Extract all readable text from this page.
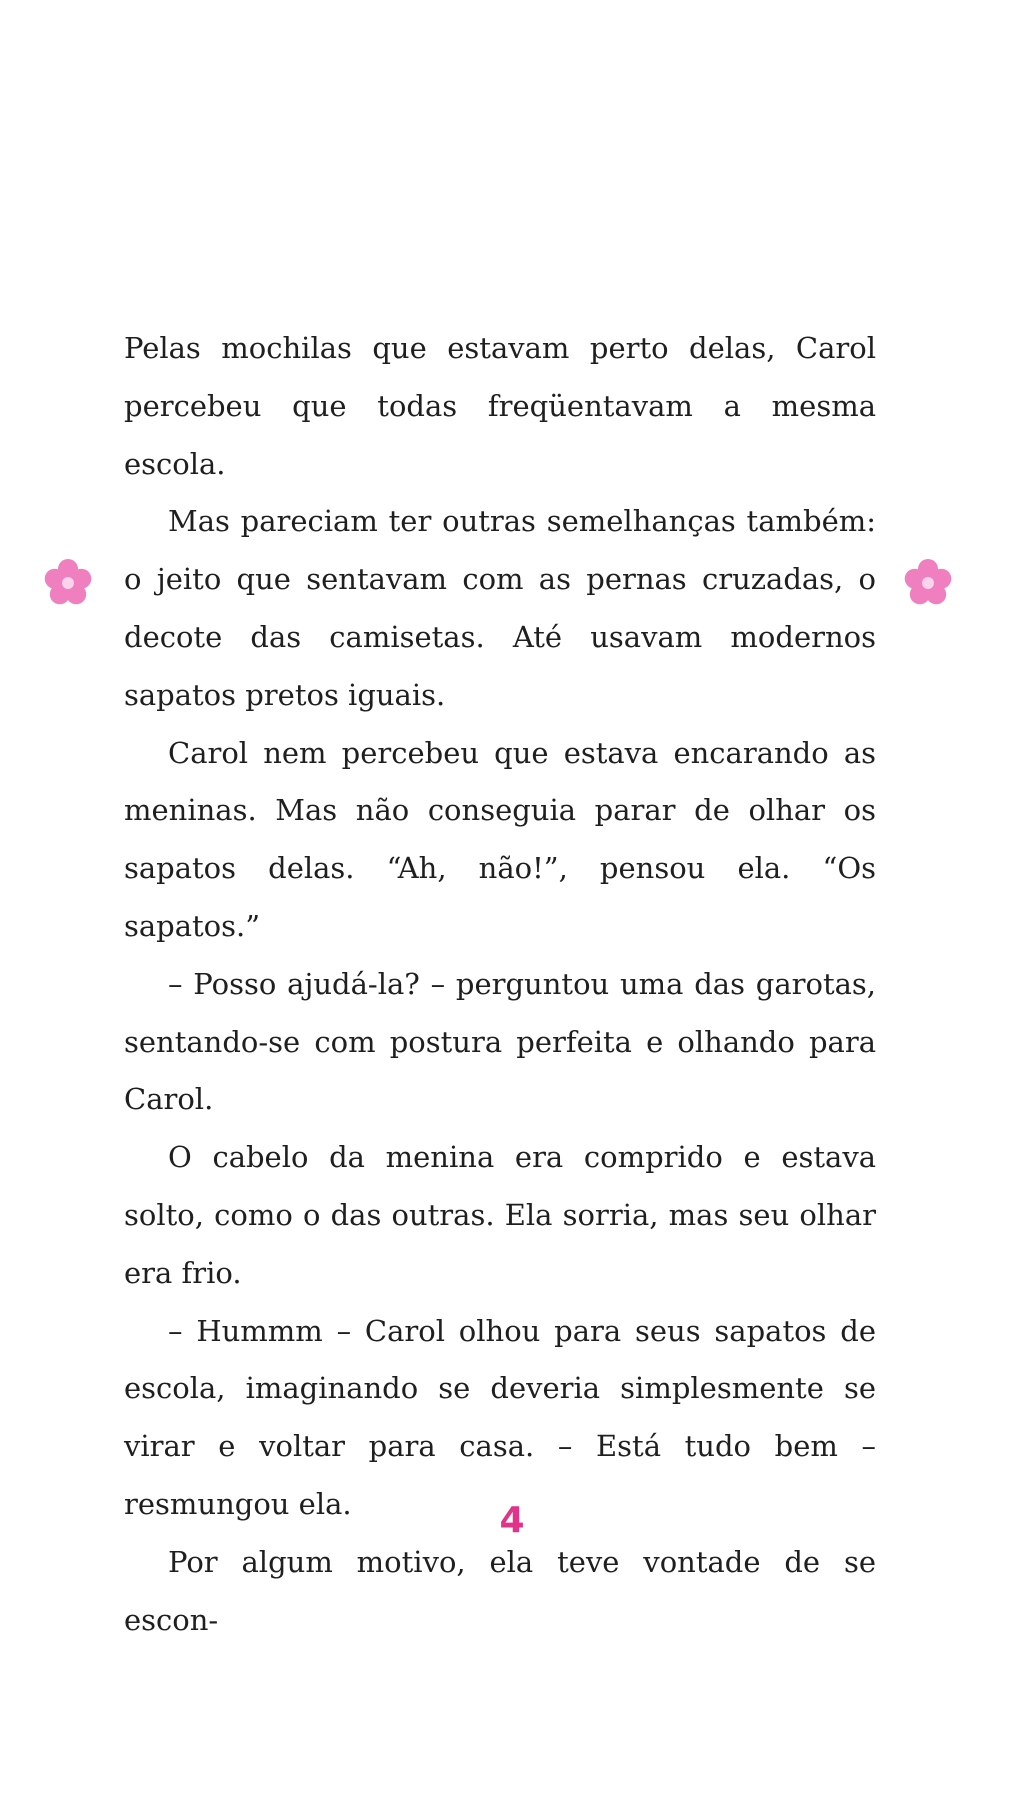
Pelas mochilas que estavam perto delas, Carol percebeu que todas freqüentavam a mesma escola.

Mas pareciam ter outras semelhanças também: o jeito que sentavam com as pernas cruzadas, o decote das camisetas. Até usavam modernos sapatos pretos iguais.

Carol nem percebeu que estava encarando as meninas. Mas não conseguia parar de olhar os sapatos delas. “Ah, não!”, pensou ela. “Os sapatos.”

– Posso ajudá-la? – perguntou uma das garotas, sentando-se com postura perfeita e olhando para Carol.

O cabelo da menina era comprido e estava solto, como o das outras. Ela sorria, mas seu olhar era frio.

– Hummm – Carol olhou para seus sapatos de escola, imaginando se deveria simplesmente se virar e voltar para casa. – Está tudo bem – resmungou ela.

Por algum motivo, ela teve vontade de se escon-

4
